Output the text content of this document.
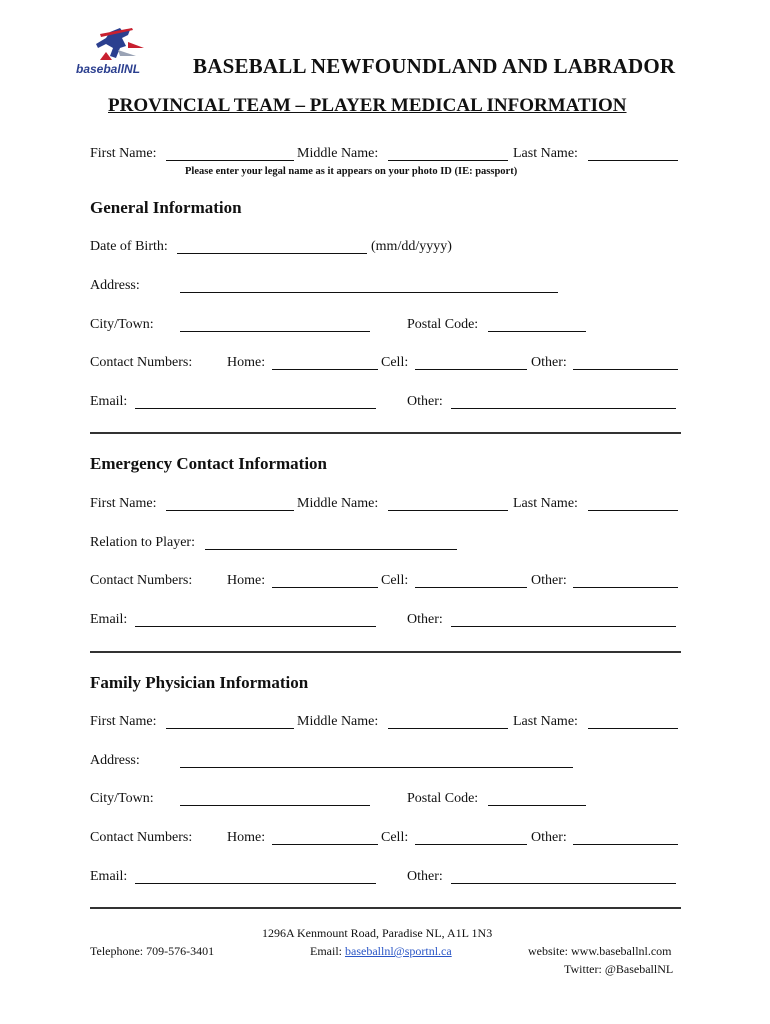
baseballNL	BASEBALL NEWFOUNDLAND AND LABRADOR
PROVINCIAL TEAM – PLAYER MEDICAL INFORMATION
First Name:	Middle Name:	Last Name:
Please enter your legal name as it appears on your photo ID (IE: passport)
General Information
Date of Birth:	(mm/dd/yyyy)
Address:
City/Town:	Postal Code:
Contact Numbers: Home:	Cell:	Other:
Email:	Other:
Emergency Contact Information
First Name:	Middle Name:	Last Name:
Relation to Player:
Contact Numbers: Home:	Cell:	Other:
Email:	Other:
Family Physician Information
First Name:	Middle Name:	Last Name:
Address:
City/Town:	Postal Code:
Contact Numbers: Home:	Cell:	Other:
Email:	Other:
1296A Kenmount Road, Paradise NL, A1L 1N3
Telephone: 709-576-3401	Email: baseballnl@sportnl.ca	website: www.baseballnl.com
Twitter: @BaseballNL
